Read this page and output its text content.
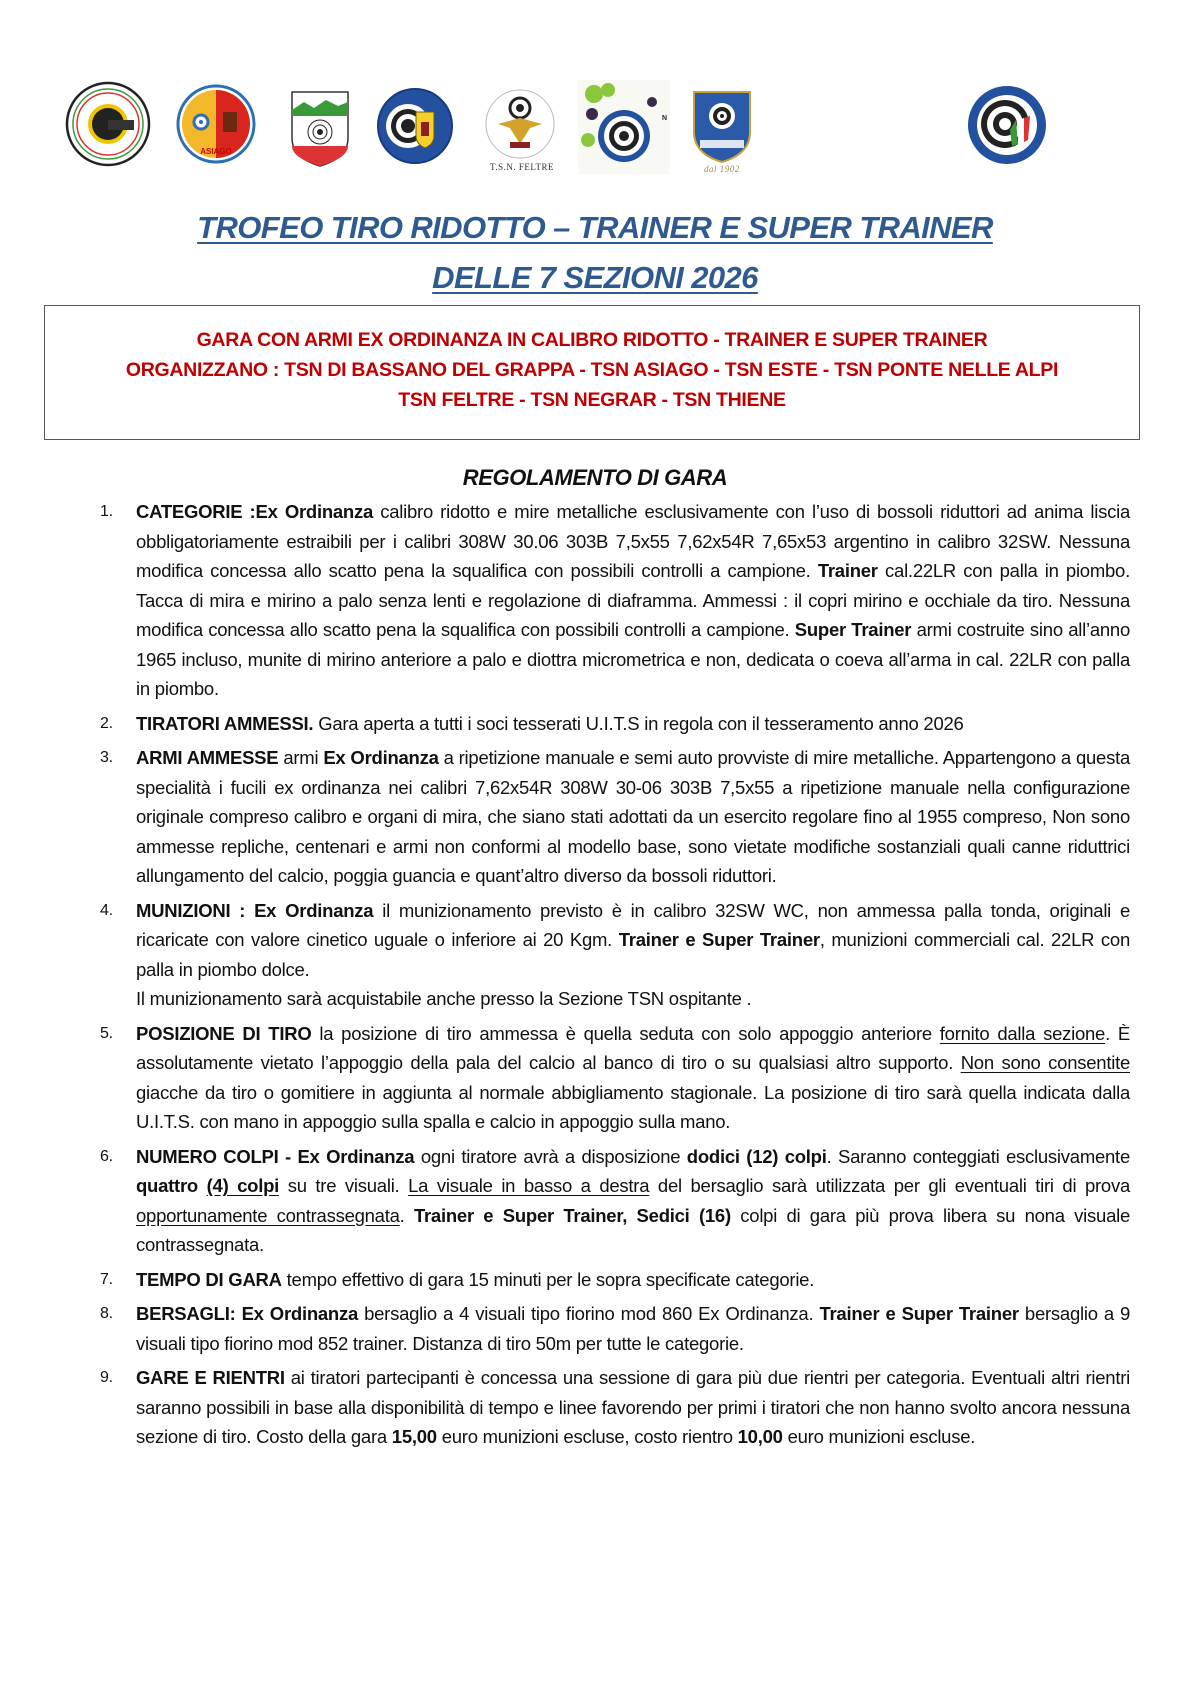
ASIAGO
T.S.N. FELTRE
N
dal 1902
TROFEO TIRO RIDOTTO – TRAINER E SUPER TRAINER
DELLE 7 SEZIONI 2026
GARA CON ARMI EX ORDINANZA IN CALIBRO RIDOTTO - TRAINER E SUPER TRAINER
ORGANIZZANO : TSN DI BASSANO DEL GRAPPA - TSN ASIAGO - TSN ESTE - TSN PONTE NELLE ALPI
TSN FELTRE - TSN NEGRAR - TSN THIENE
REGOLAMENTO DI GARA
1. CATEGORIE :Ex Ordinanza calibro ridotto e mire metalliche esclusivamente con l’uso di bossoli riduttori ad anima liscia obbligatoriamente estraibili per i calibri 308W 30.06 303B 7,5x55 7,62x54R 7,65x53 argentino in calibro 32SW. Nessuna modifica concessa allo scatto pena la squalifica con possibili controlli a campione. Trainer cal.22LR con palla in piombo. Tacca di mira e mirino a palo senza lenti e regolazione di diaframma. Ammessi : il copri mirino e occhiale da tiro. Nessuna modifica concessa allo scatto pena la squalifica con possibili controlli a campione. Super Trainer armi costruite sino all’anno 1965 incluso, munite di mirino anteriore a palo e diottra micrometrica e non, dedicata o coeva all’arma in cal. 22LR con palla in piombo.
2. TIRATORI AMMESSI. Gara aperta a tutti i soci tesserati U.I.T.S in regola con il tesseramento anno 2026
3. ARMI AMMESSE armi Ex Ordinanza a ripetizione manuale e semi auto provviste di mire metalliche. Appartengono a questa specialità i fucili ex ordinanza nei calibri 7,62x54R 308W 30-06 303B 7,5x55 a ripetizione manuale nella configurazione originale compreso calibro e organi di mira, che siano stati adottati da un esercito regolare fino al 1955 compreso, Non sono ammesse repliche, centenari e armi non conformi al modello base, sono vietate modifiche sostanziali quali canne riduttrici allungamento del calcio, poggia guancia e quant’altro diverso da bossoli riduttori.
4. MUNIZIONI : Ex Ordinanza il munizionamento previsto è in calibro 32SW WC, non ammessa palla tonda, originali e ricaricate con valore cinetico uguale o inferiore ai 20 Kgm. Trainer e Super Trainer, munizioni commerciali cal. 22LR con palla in piombo dolce.
Il munizionamento sarà acquistabile anche presso la Sezione TSN ospitante .
5. POSIZIONE DI TIRO la posizione di tiro ammessa è quella seduta con solo appoggio anteriore fornito dalla sezione. È assolutamente vietato l’appoggio della pala del calcio al banco di tiro o su qualsiasi altro supporto. Non sono consentite giacche da tiro o gomitiere in aggiunta al normale abbigliamento stagionale. La posizione di tiro sarà quella indicata dalla U.I.T.S. con mano in appoggio sulla spalla e calcio in appoggio sulla mano.
6. NUMERO COLPI - Ex Ordinanza ogni tiratore avrà a disposizione dodici (12) colpi. Saranno conteggiati esclusivamente quattro (4) colpi su tre visuali. La visuale in basso a destra del bersaglio sarà utilizzata per gli eventuali tiri di prova opportunamente contrassegnata. Trainer e Super Trainer, Sedici (16) colpi di gara più prova libera su nona visuale contrassegnata.
7. TEMPO DI GARA tempo effettivo di gara 15 minuti per le sopra specificate categorie.
8. BERSAGLI: Ex Ordinanza bersaglio a 4 visuali tipo fiorino mod 860 Ex Ordinanza. Trainer e Super Trainer bersaglio a 9 visuali tipo fiorino mod 852 trainer. Distanza di tiro 50m per tutte le categorie.
9. GARE E RIENTRI ai tiratori partecipanti è concessa una sessione di gara più due rientri per categoria. Eventuali altri rientri saranno possibili in base alla disponibilità di tempo e linee favorendo per primi i tiratori che non hanno svolto ancora nessuna sezione di tiro. Costo della gara 15,00 euro munizioni escluse, costo rientro 10,00 euro munizioni escluse.
